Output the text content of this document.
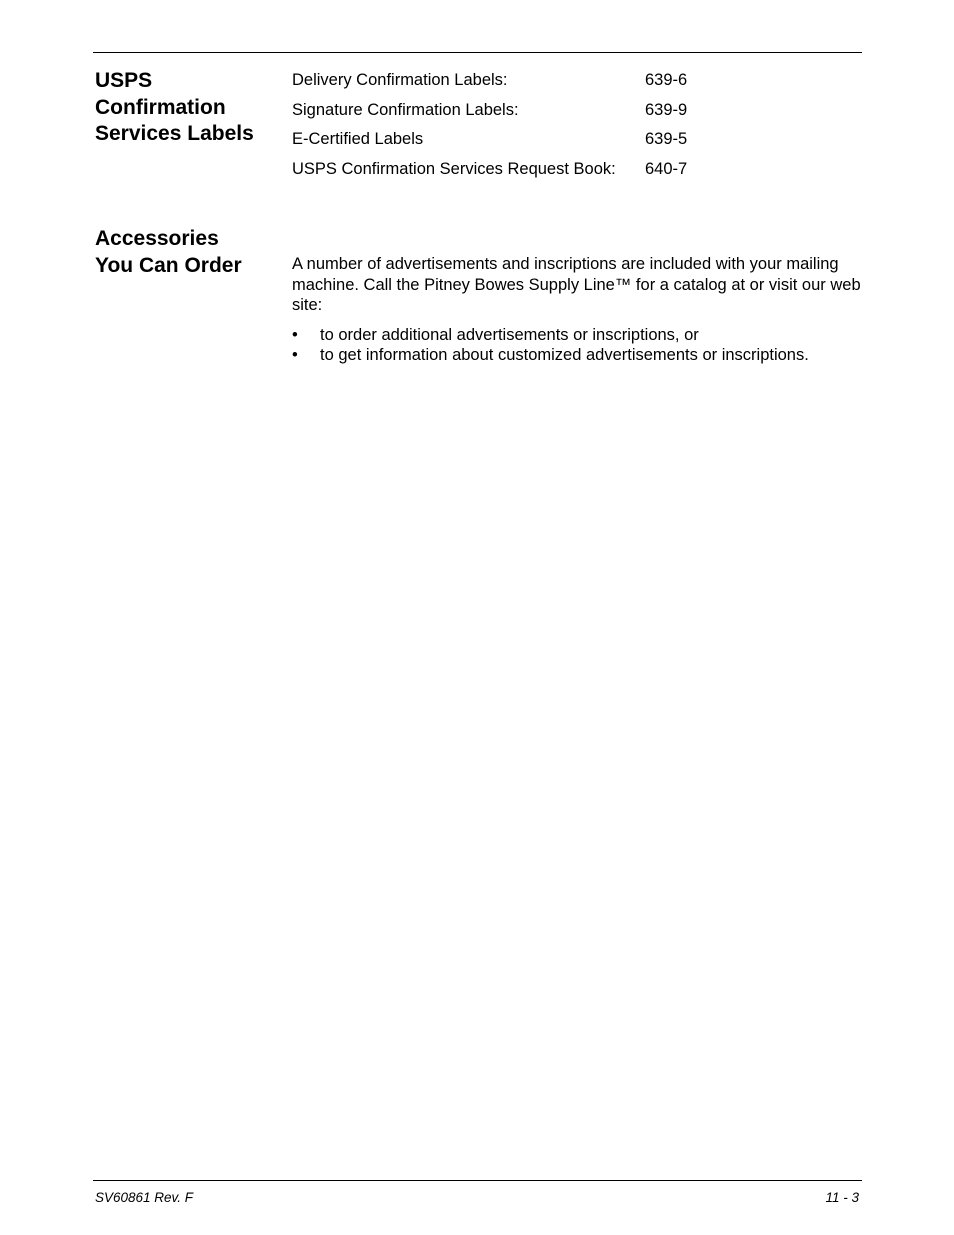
USPS
Confirmation
Services Labels
Delivery Confirmation Labels:	639-6
Signature Confirmation Labels:	639-9
E-Certified Labels	639-5
USPS Confirmation Services Request Book: 640-7
Accessories
You Can Order	A number of advertisements and inscriptions are included with your mailing machine. Call the Pitney Bowes Supply Line™ for a catalog at or visit our web site:

• to order additional advertisements or inscriptions, or
• to get information about customized advertisements or inscriptions.
SV60861 Rev. F	11 - 3
